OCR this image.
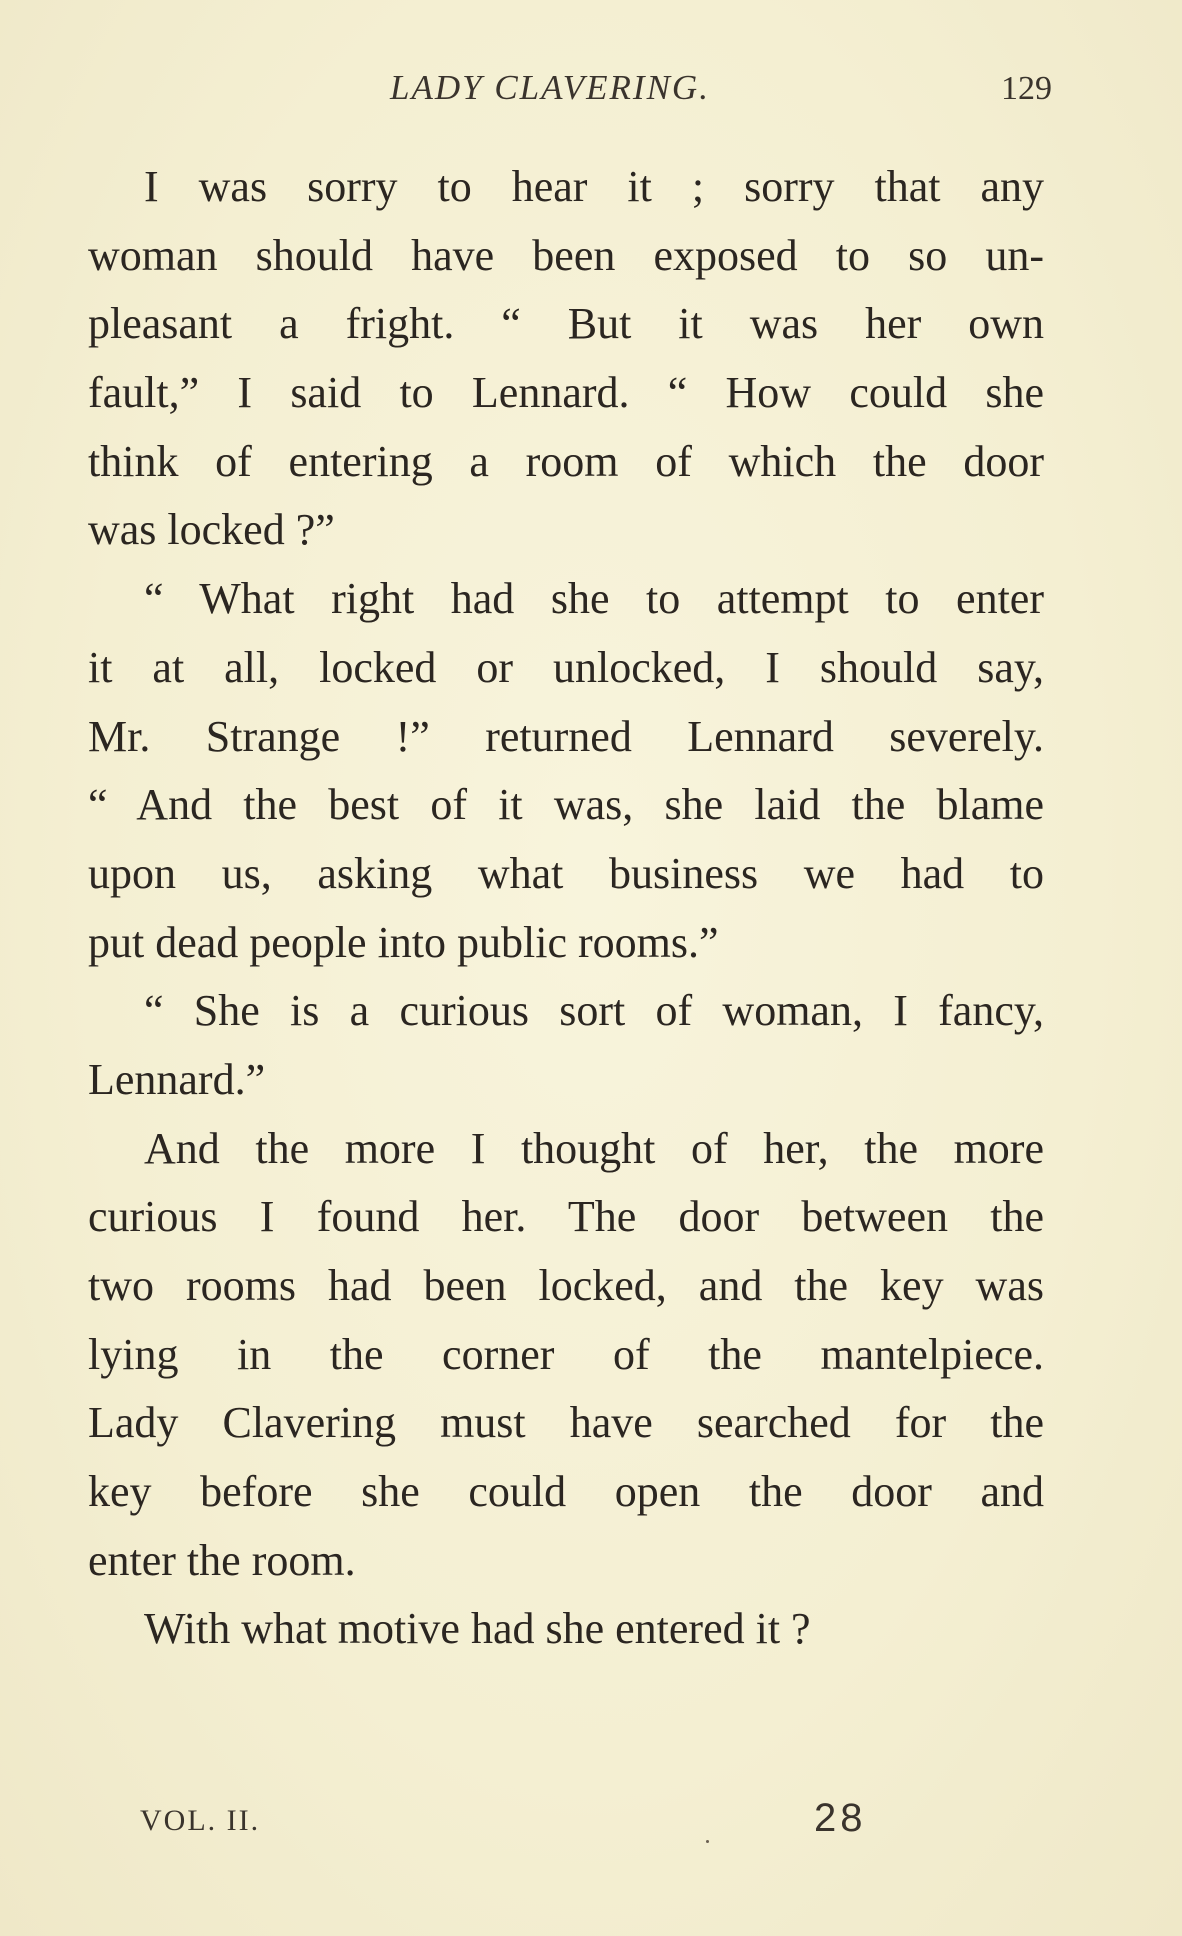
LADY CLAVERING.	129
I was sorry to hear it ; sorry that any
woman should have been exposed to so un-
pleasant a fright. “ But it was her own
fault,” I said to Lennard. “ How could she
think of entering a room of which the door
was locked ?”
“ What right had she to attempt to enter
it at all, locked or unlocked, I should say,
Mr. Strange !” returned Lennard severely.
“ And the best of it was, she laid the blame
upon us, asking what business we had to
put dead people into public rooms.”
“ She is a curious sort of woman, I fancy,
Lennard.”
And the more I thought of her, the more
curious I found her. The door between the
two rooms had been locked, and the key was
lying in the corner of the mantelpiece.
Lady Clavering must have searched for the
key before she could open the door and
enter the room.
With what motive had she entered it ?
VOL. II.	28
